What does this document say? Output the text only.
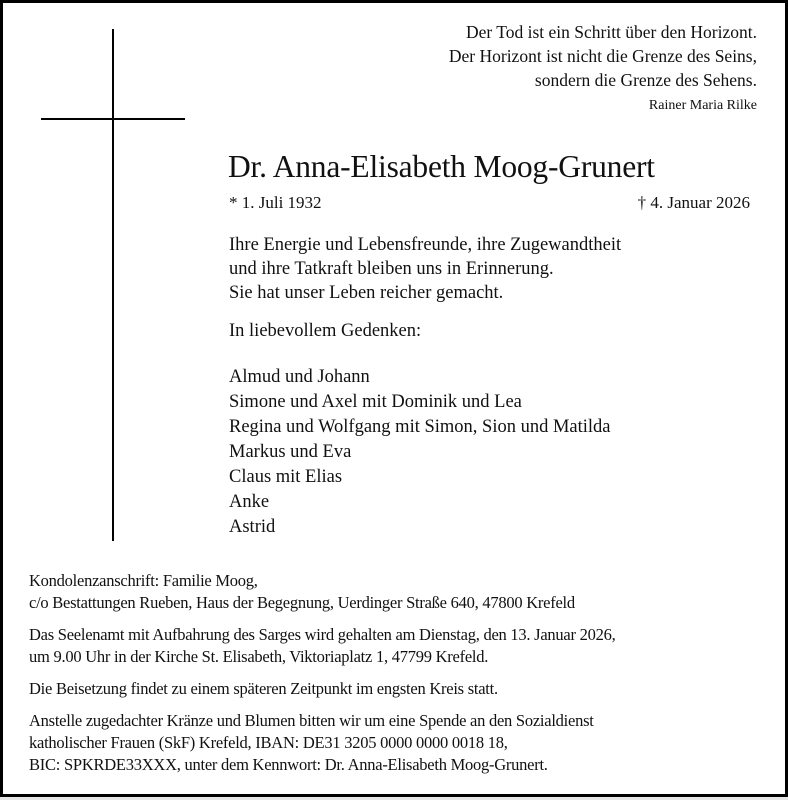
Der Tod ist ein Schritt über den Horizont.
Der Horizont ist nicht die Grenze des Seins,
sondern die Grenze des Sehens.
Rainer Maria Rilke
Dr. Anna-Elisabeth Moog-Grunert
* 1. Juli 1932	† 4. Januar 2026
Ihre Energie und Lebensfreunde, ihre Zugewandtheit
und ihre Tatkraft bleiben uns in Erinnerung.
Sie hat unser Leben reicher gemacht.
In liebevollem Gedenken:
Almud und Johann
Simone und Axel mit Dominik und Lea
Regina und Wolfgang mit Simon, Sion und Matilda
Markus und Eva
Claus mit Elias
Anke
Astrid

Kondolenzanschrift: Familie Moog,
c/o Bestattungen Rueben, Haus der Begegnung, Uerdinger Straße 640, 47800 Krefeld

Das Seelenamt mit Aufbahrung des Sarges wird gehalten am Dienstag, den 13. Januar 2026,
um 9.00 Uhr in der Kirche St. Elisabeth, Viktoriaplatz 1, 47799 Krefeld.

Die Beisetzung findet zu einem späteren Zeitpunkt im engsten Kreis statt.

Anstelle zugedachter Kränze und Blumen bitten wir um eine Spende an den Sozialdienst
katholischer Frauen (SkF) Krefeld, IBAN: DE31 3205 0000 0000 0018 18,
BIC: SPKRDE33XXX, unter dem Kennwort: Dr. Anna-Elisabeth Moog-Grunert.
